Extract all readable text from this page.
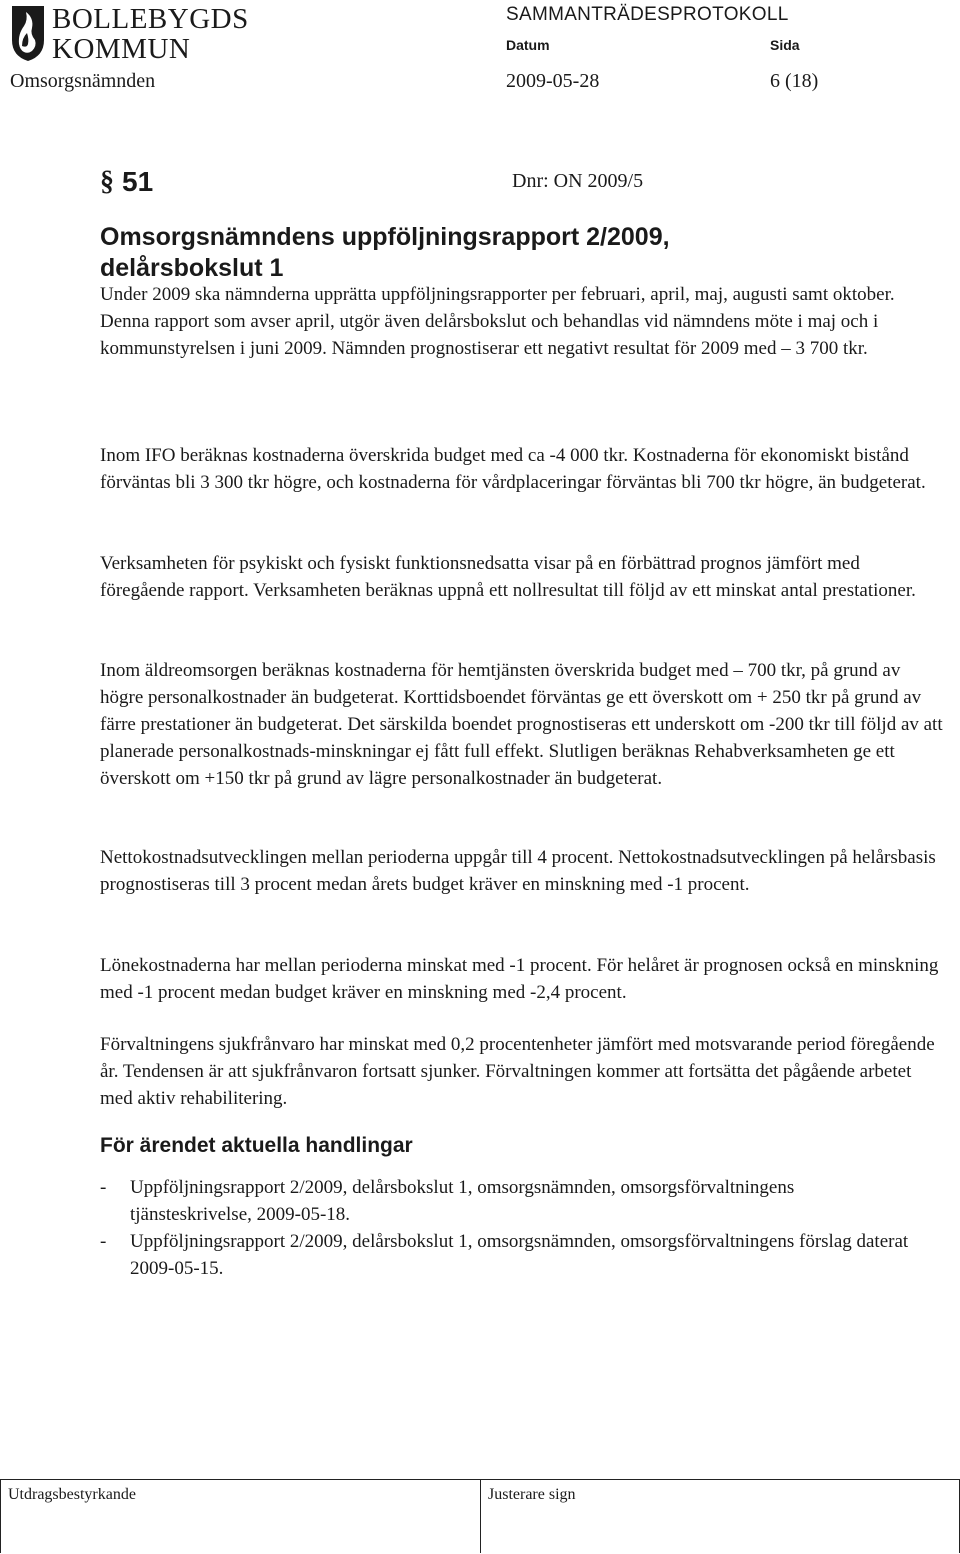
BOLLEBYGDS
KOMMUN
SAMMANTRÄDESPROTOKOLL
Datum	Sida
Omsorgsnämnden	2009-05-28	6 (18)
§ 51	Dnr: ON 2009/5
Omsorgsnämndens uppföljningsrapport 2/2009,
delårsbokslut 1

Under 2009 ska nämnderna upprätta uppföljningsrapporter per februari, april, maj, augusti samt oktober. Denna rapport som avser april, utgör även delårsbokslut och behandlas vid nämndens möte i maj och i kommunstyrelsen i juni 2009. Nämnden prognostiserar ett negativt resultat för 2009 med – 3 700 tkr.

Inom IFO beräknas kostnaderna överskrida budget med ca -4 000 tkr. Kostnaderna för ekonomiskt bistånd förväntas bli 3 300 tkr högre, och kostnaderna för vårdplaceringar förväntas bli 700 tkr högre, än budgeterat.

Verksamheten för psykiskt och fysiskt funktionsnedsatta visar på en förbättrad prognos jämfört med föregående rapport. Verksamheten beräknas uppnå ett nollresultat till följd av ett minskat antal prestationer.

Inom äldreomsorgen beräknas kostnaderna för hemtjänsten överskrida budget med – 700 tkr, på grund av högre personalkostnader än budgeterat. Korttidsboendet förväntas ge ett överskott om + 250 tkr på grund av färre prestationer än budgeterat. Det särskilda boendet prognostiseras ett underskott om -200 tkr till följd av att planerade personalkostnads-minskningar ej fått full effekt. Slutligen beräknas Rehabverksamheten ge ett överskott om +150 tkr på grund av lägre personalkostnader än budgeterat.

Nettokostnadsutvecklingen mellan perioderna uppgår till 4 procent. Nettokostnadsutvecklingen på helårsbasis prognostiseras till 3 procent medan årets budget kräver en minskning med -1 procent.

Lönekostnaderna har mellan perioderna minskat med -1 procent. För helåret är prognosen också en minskning med -1 procent medan budget kräver en minskning med -2,4 procent.

Förvaltningens sjukfrånvaro har minskat med 0,2 procentenheter jämfört med motsvarande period föregående år. Tendensen är att sjukfrånvaron fortsatt sjunker. Förvaltningen kommer att fortsätta det pågående arbetet med aktiv rehabilitering.

För ärendet aktuella handlingar
-	Uppföljningsrapport 2/2009, delårsbokslut 1, omsorgsnämnden, omsorgsförvaltningens tjänsteskrivelse, 2009-05-18.
-	Uppföljningsrapport 2/2009, delårsbokslut 1, omsorgsnämnden, omsorgsförvaltningens förslag daterat 2009-05-15.
Utdragsbestyrkande	Justerare sign
